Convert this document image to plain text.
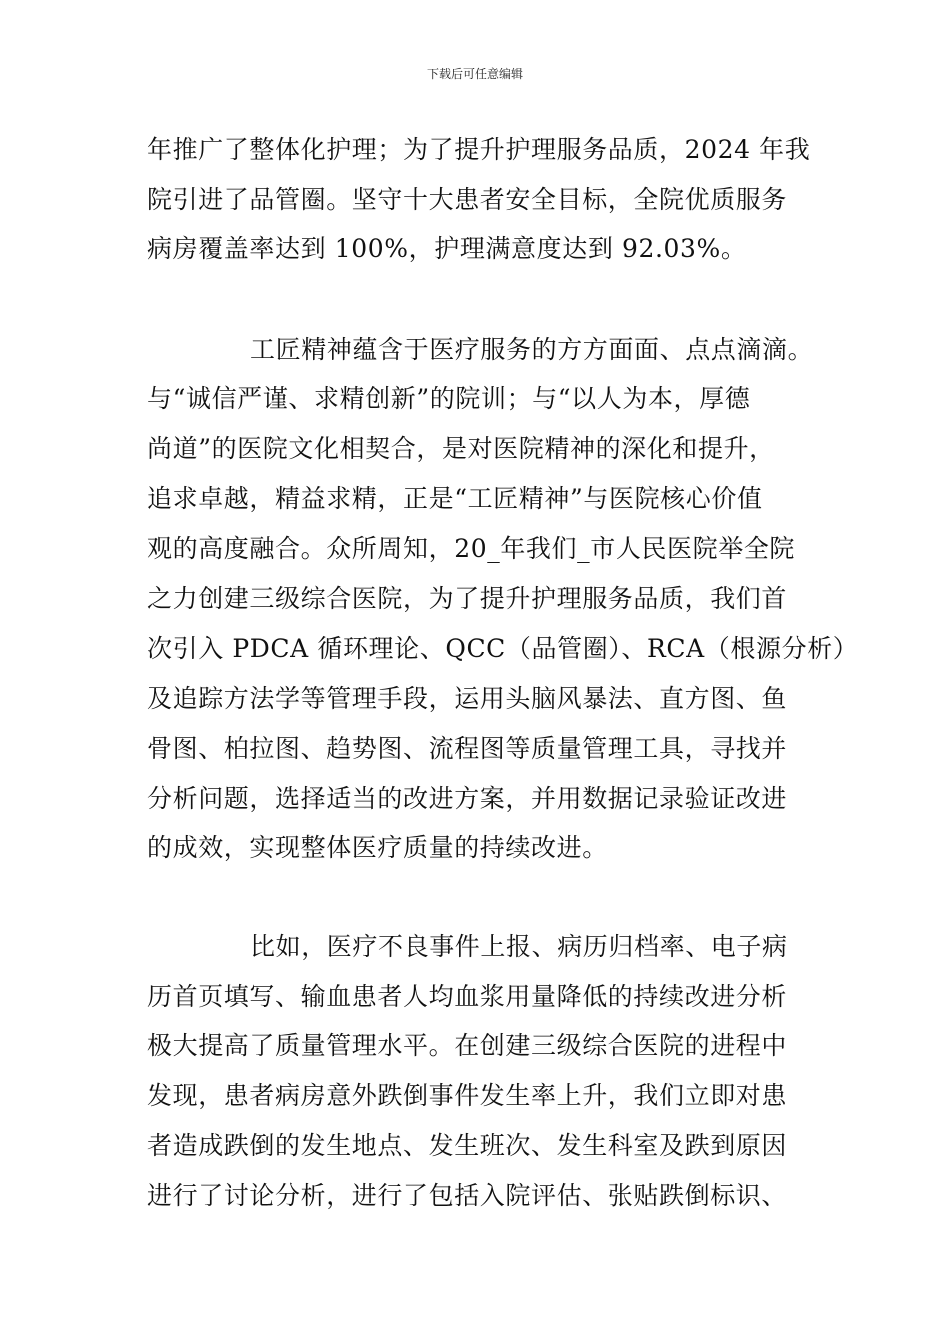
下载后可任意编辑
年推广了整体化护理；为了提升护理服务品质，2024 年我
院引进了品管圈。坚守十大患者安全目标，全院优质服务
病房覆盖率达到 100%，护理满意度达到 92.03%。
工匠精神蕴含于医疗服务的方方面面、点点滴滴。
与“诚信严谨、求精创新”的院训；与“以人为本，厚德
尚道”的医院文化相契合，是对医院精神的深化和提升，
追求卓越，精益求精，正是“工匠精神”与医院核心价值
观的高度融合。众所周知，20_年我们_市人民医院举全院
之力创建三级综合医院，为了提升护理服务品质，我们首
次引入 PDCA 循环理论、QCC（品管圈）、RCA（根源分析）
及追踪方法学等管理手段，运用头脑风暴法、直方图、鱼
骨图、柏拉图、趋势图、流程图等质量管理工具，寻找并
分析问题，选择适当的改进方案，并用数据记录验证改进
的成效，实现整体医疗质量的持续改进。
比如，医疗不良事件上报、病历归档率、电子病
历首页填写、输血患者人均血浆用量降低的持续改进分析
极大提高了质量管理水平。在创建三级综合医院的进程中
发现，患者病房意外跌倒事件发生率上升，我们立即对患
者造成跌倒的发生地点、发生班次、发生科室及跌到原因
进行了讨论分析，进行了包括入院评估、张贴跌倒标识、
